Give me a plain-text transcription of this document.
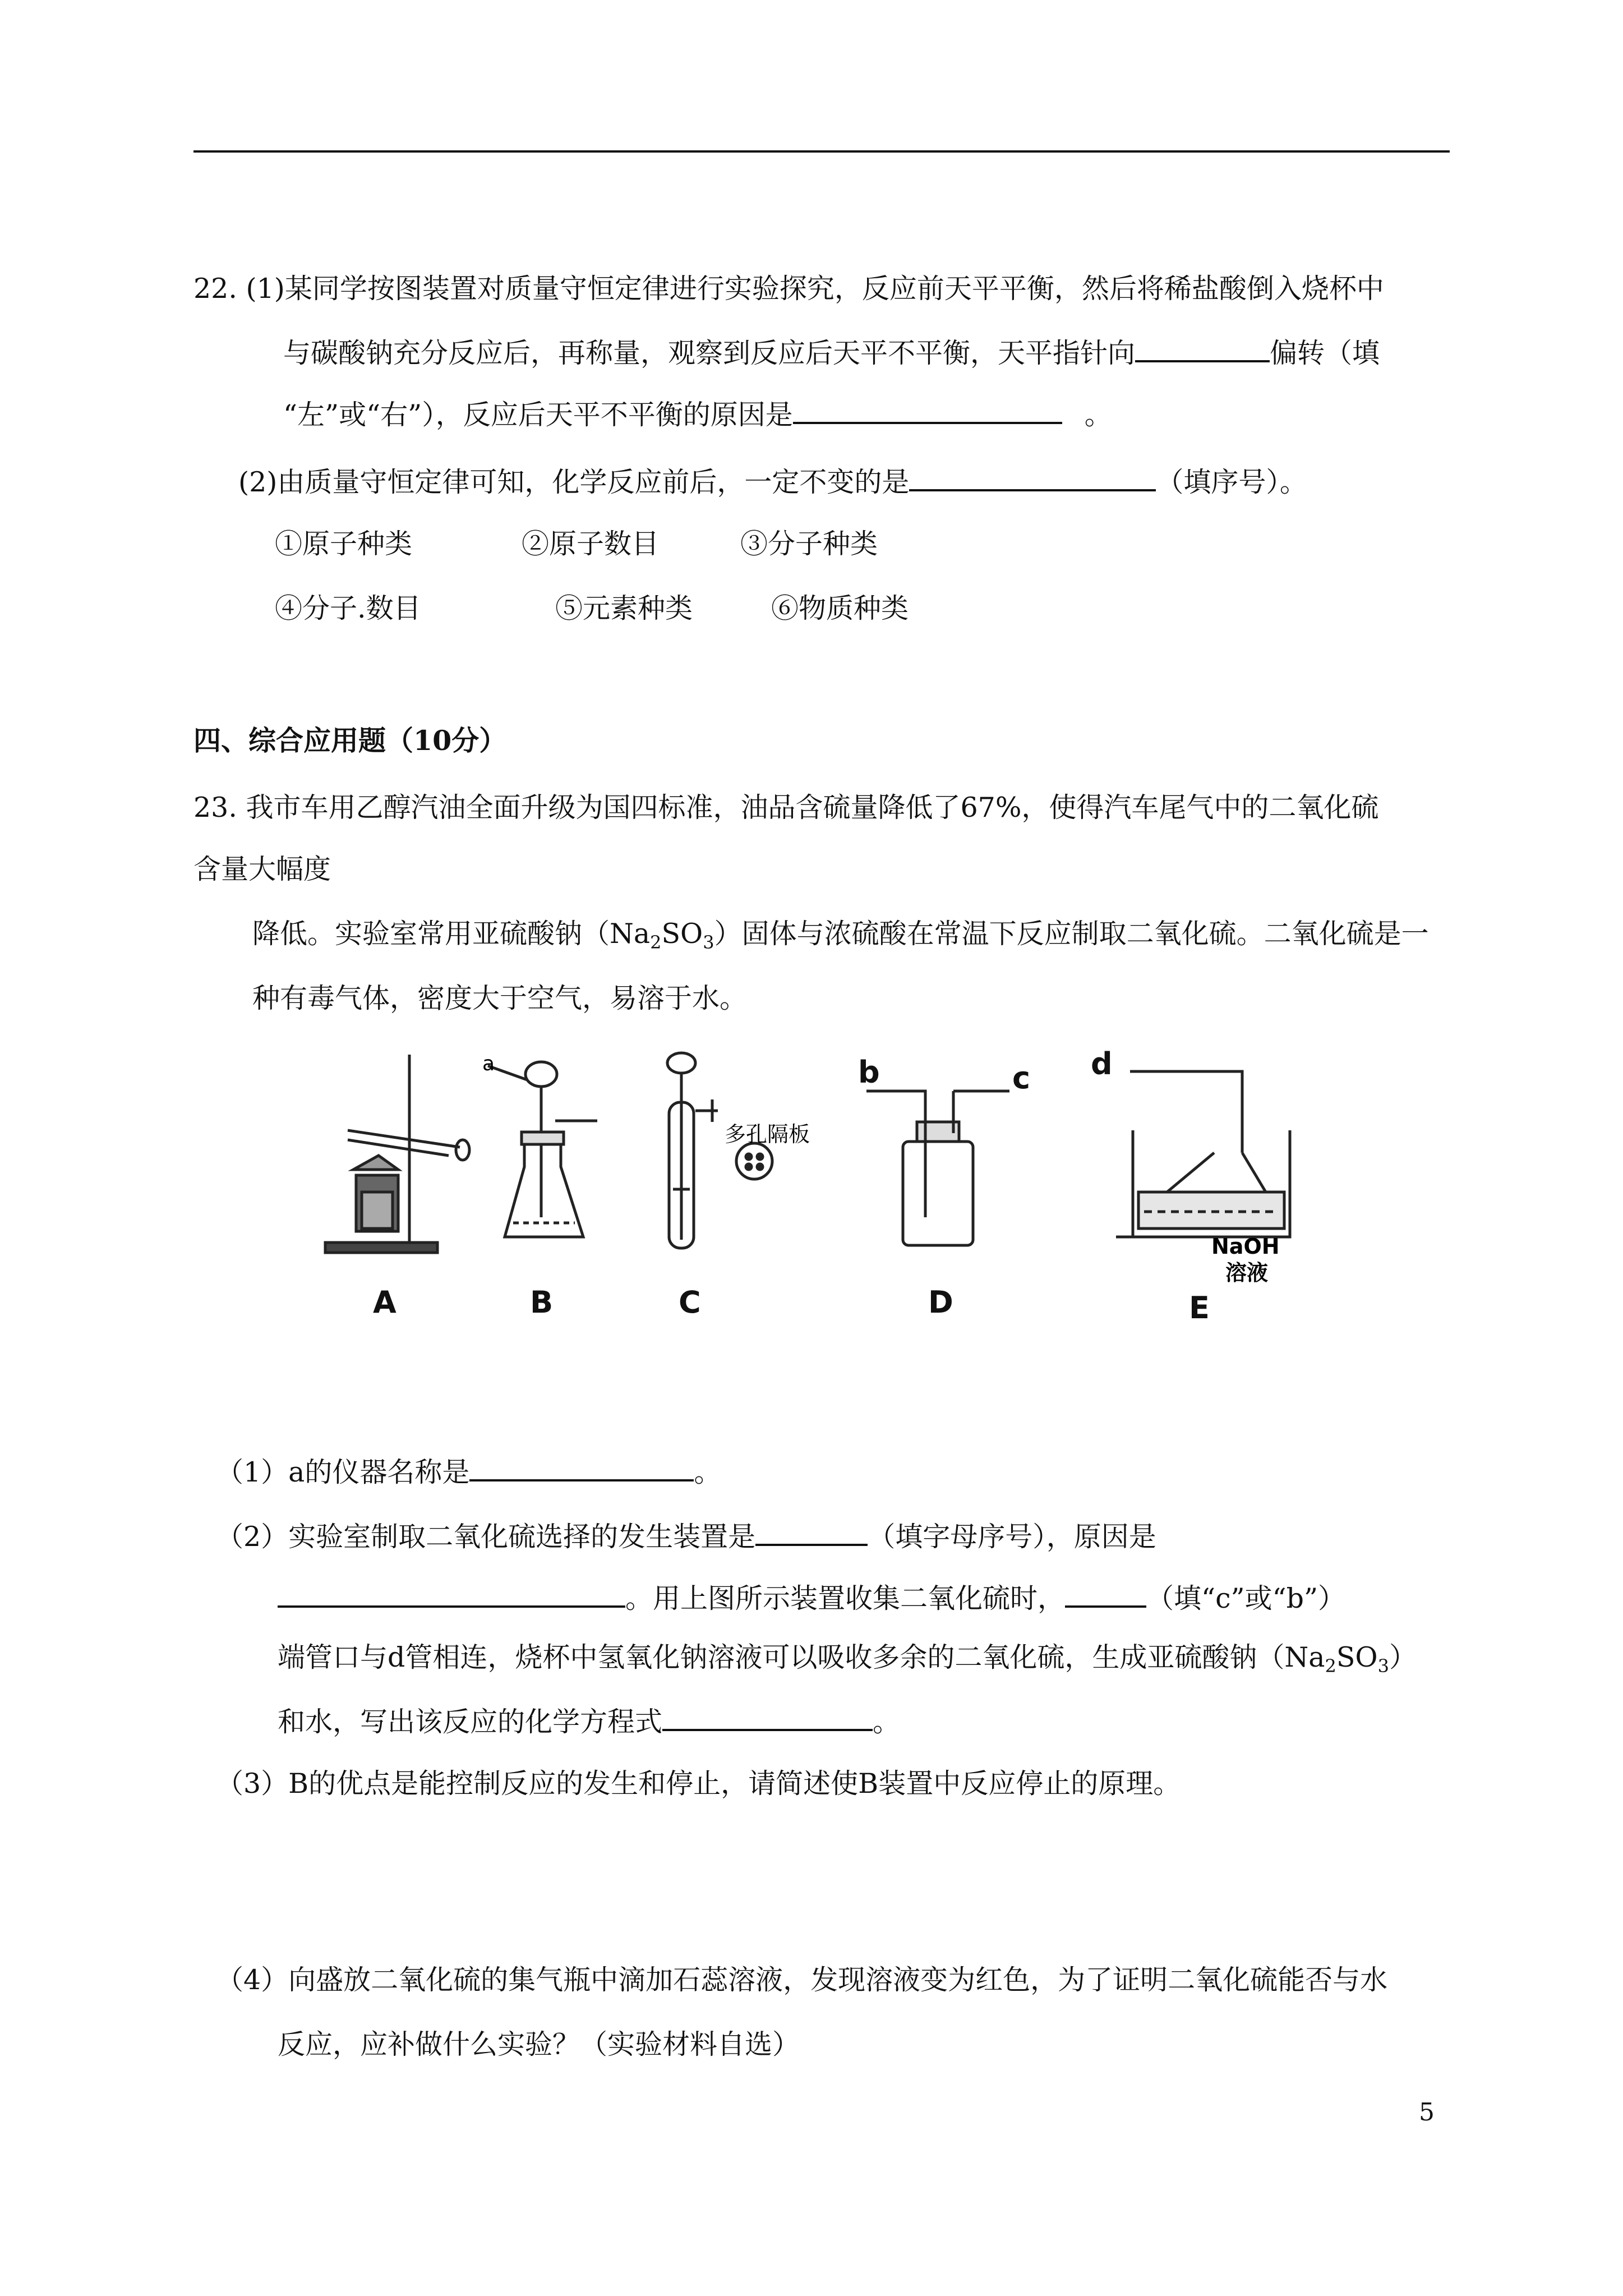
22. (1)某同学按图装置对质量守恒定律进行实验探究，反应前天平平衡，然后将稀盐酸倒入烧杯中
与碳酸钠充分反应后，再称量，观察到反应后天平不平衡，天平指针向	偏转（填
“左”或“右”），反应后天平不平衡的原因是	。
(2)由质量守恒定律可知，化学反应前后，一定不变的是	（填序号）。
①原子种类	②原子数目	③分子种类
④分子.数目	⑤元素种类	⑥物质种类
四、综合应用题（10分）
23. 我市车用乙醇汽油全面升级为国四标准，油品含硫量降低了67%，使得汽车尾气中的二氧化硫
含量大幅度
降低。实验室常用亚硫酸钠$(Na_2SO_3)$固体与浓硫酸在常温下反应制取二氧化硫。二氧化硫是一
种有毒气体，密度大于空气，易溶于水。
A	B	C	D	E
b	c d
a
多孔隔板
NaOH
溶液
（1）a的仪器名称是	。
（2）实验室制取二氧化硫选择的发生装置是	（填字母序号），原因是
。用上图所示装置收集二氧化硫时，	（填“c”或“b”）
端管口与d管相连，烧杯中氢氧化钠溶液可以吸收多余的二氧化硫，生成亚硫酸钠$(Na_2SO_3)$
和水，写出该反应的化学方程式	。
（3）B的优点是能控制反应的发生和停止，请简述使B装置中反应停止的原理。
（4）向盛放二氧化硫的集气瓶中滴加石蕊溶液，发现溶液变为红色，为了证明二氧化硫能否与水
反应，应补做什么实验？（实验材料自选）
5
